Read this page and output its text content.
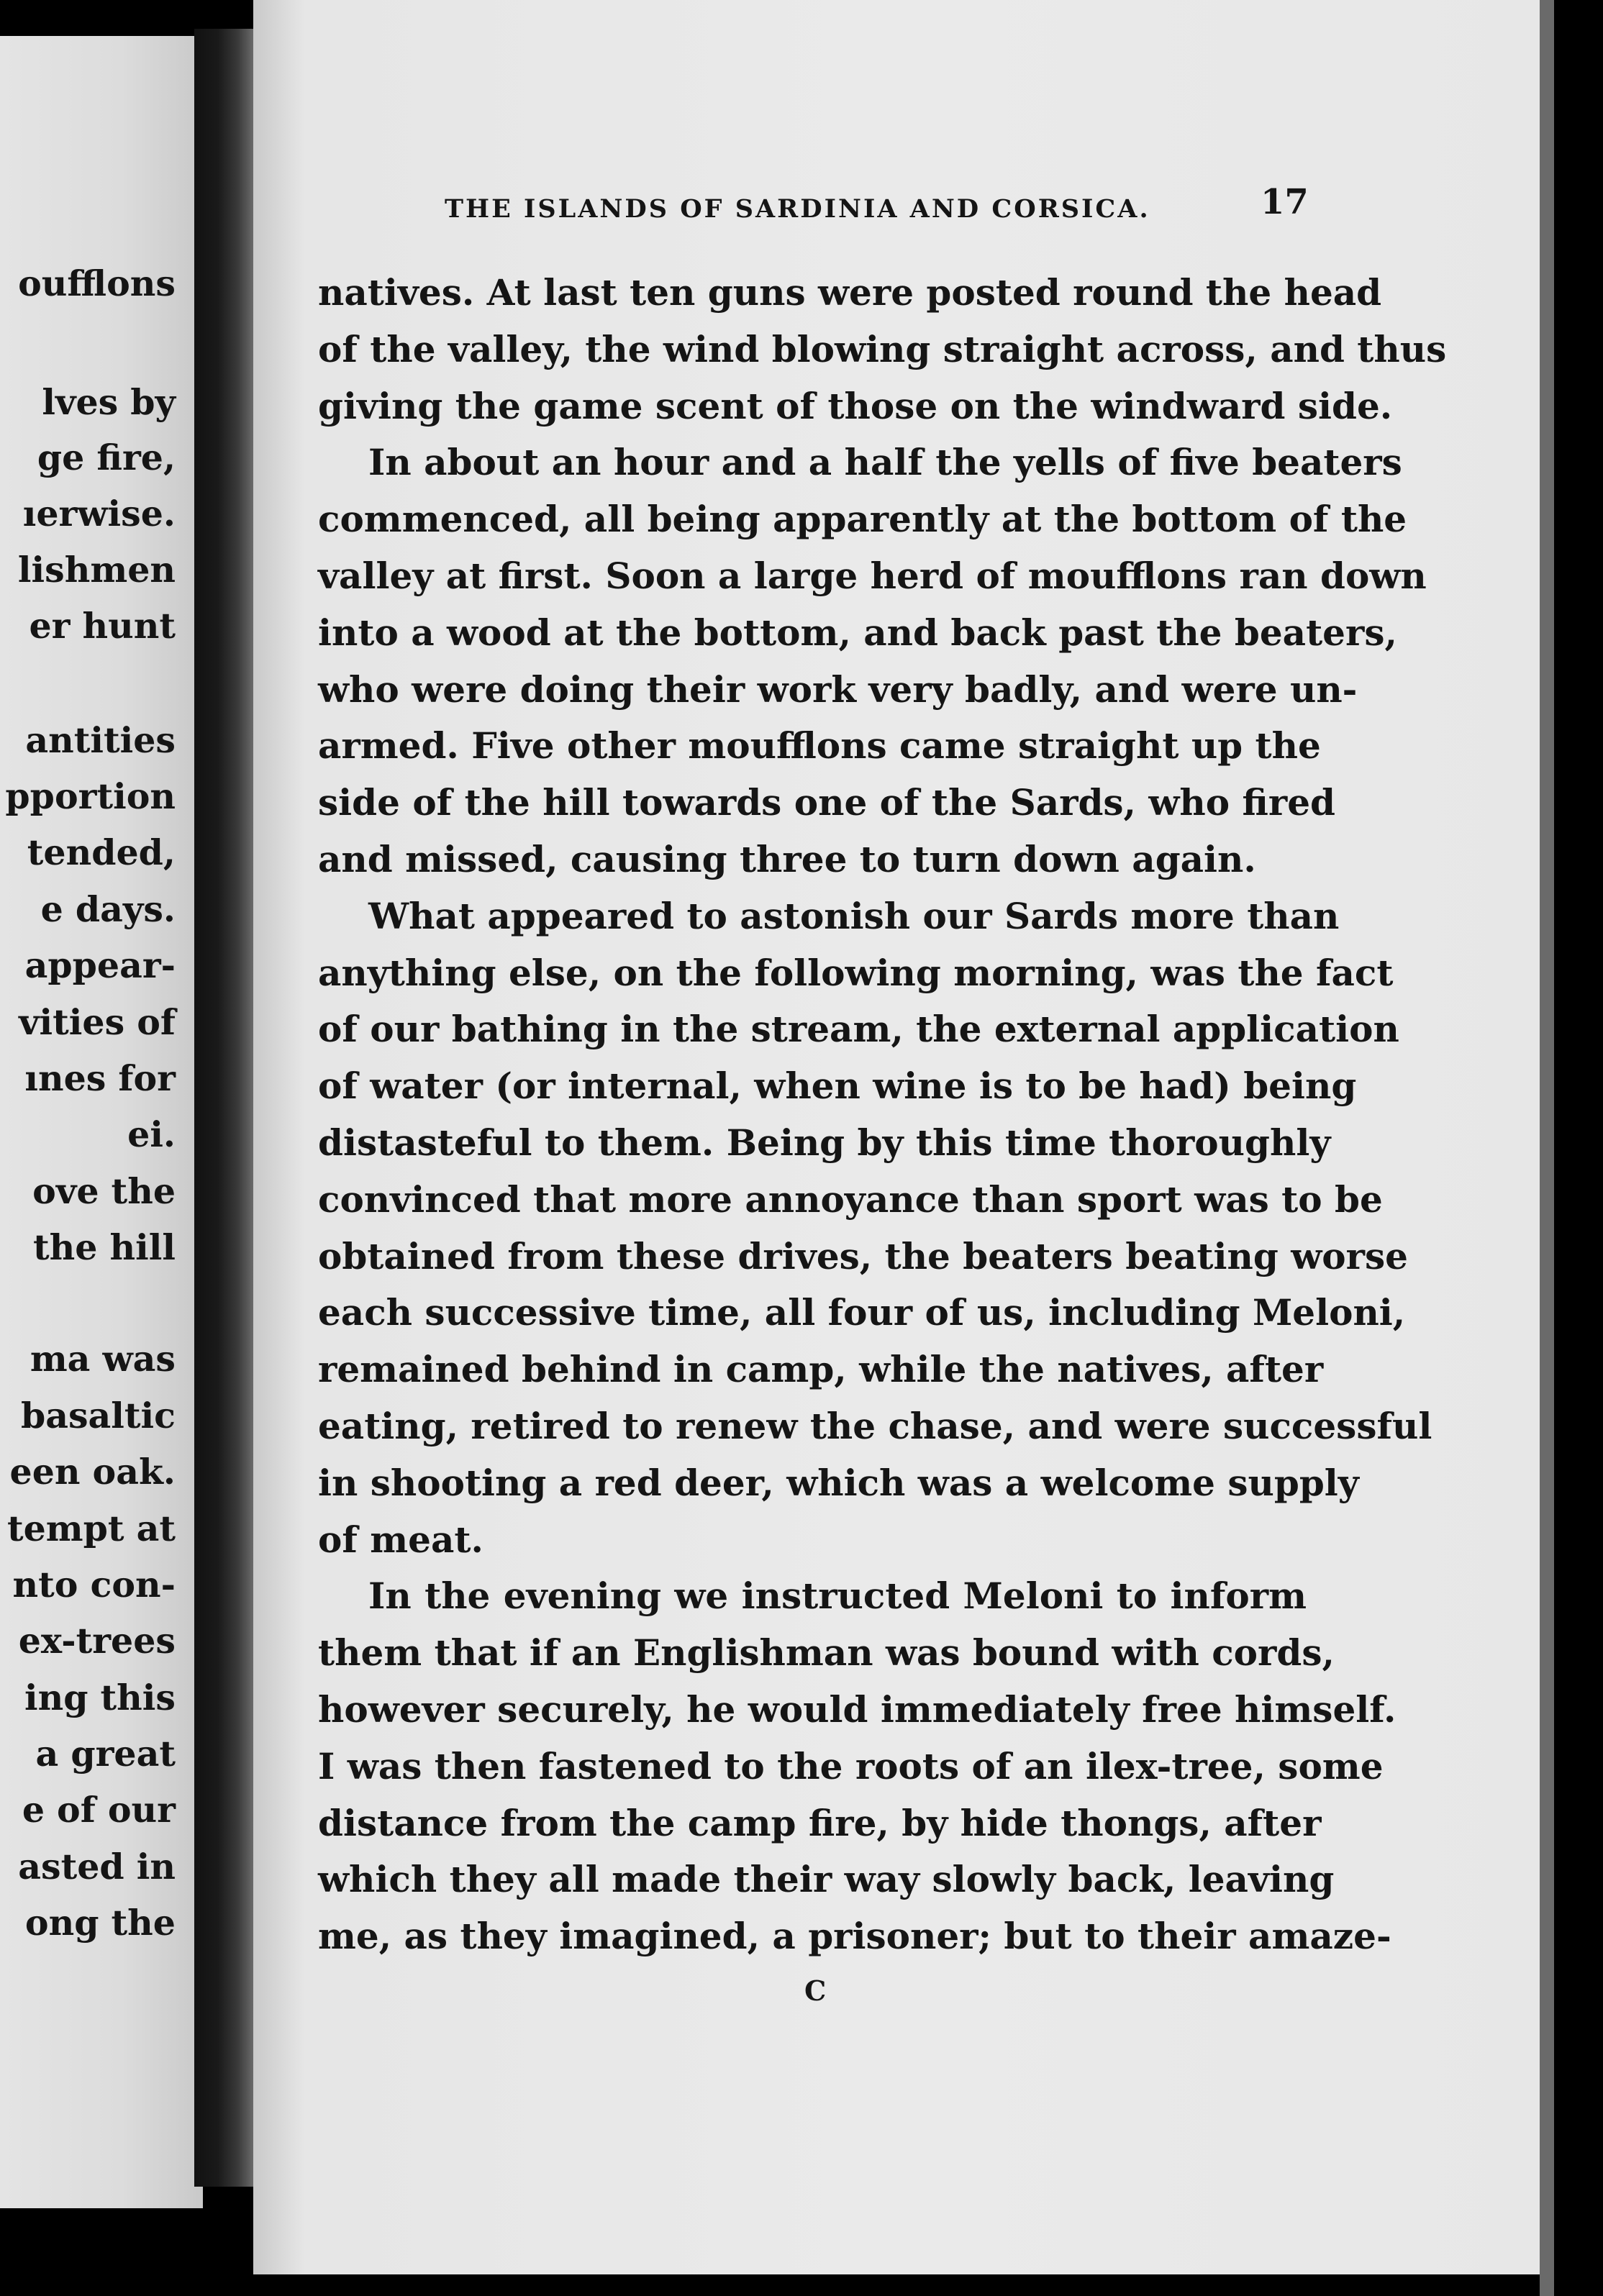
oufflons
lves by
ge fire,
ıerwise.
lishmen
er hunt
antities
pportion
tended,
e days.
appear-
vities of
ınes for
ei.
ove the
the hill
ma was
basaltic
een oak.
tempt at
nto con-
ex-trees
ing this
a great
e of our
asted in
ong the
THE ISLANDS OF SARDINIA AND CORSICA.	17
natives. At last ten guns were posted round the head
of the valley, the wind blowing straight across, and thus
giving the game scent of those on the windward side.
In about an hour and a half the yells of five beaters
commenced, all being apparently at the bottom of the
valley at first. Soon a large herd of moufflons ran down
into a wood at the bottom, and back past the beaters,
who were doing their work very badly, and were un-
armed. Five other moufflons came straight up the
side of the hill towards one of the Sards, who fired
and missed, causing three to turn down again.
What appeared to astonish our Sards more than
anything else, on the following morning, was the fact
of our bathing in the stream, the external application
of water (or internal, when wine is to be had) being
distasteful to them. Being by this time thoroughly
convinced that more annoyance than sport was to be
obtained from these drives, the beaters beating worse
each successive time, all four of us, including Meloni,
remained behind in camp, while the natives, after
eating, retired to renew the chase, and were successful
in shooting a red deer, which was a welcome supply
of meat.
In the evening we instructed Meloni to inform
them that if an Englishman was bound with cords,
however securely, he would immediately free himself.
I was then fastened to the roots of an ilex-tree, some
distance from the camp fire, by hide thongs, after
which they all made their way slowly back, leaving
me, as they imagined, a prisoner; but to their amaze-
C
